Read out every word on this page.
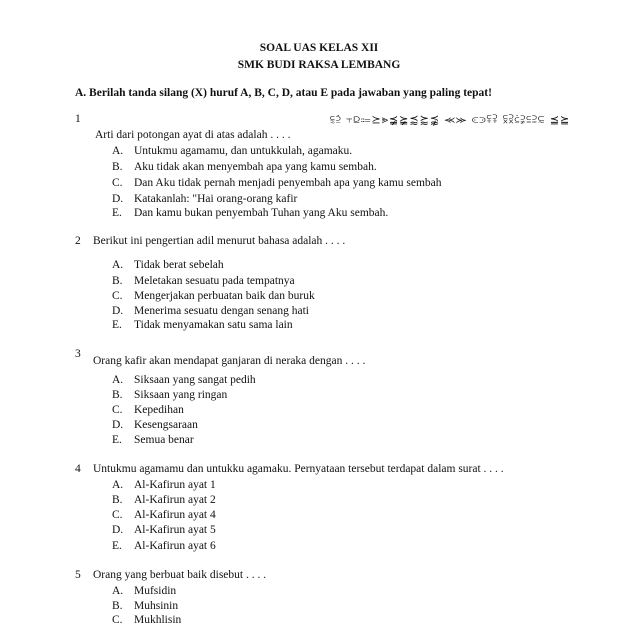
SOAL UAS KELAS XII
SMK BUDI RAKSA LEMBANG
A. Berilah tanda silang (X) huruf A, B, C, D, atau E pada jawaban yang paling tepat!
1	⫉⫄ ⫟⫒⩴⪰⪢⪵⪶⪷⪸⪹ ⪻⪼ ⪽⪾⪿⫀ ⫁⫂⫃⫌⫅⫆⫇ ⪳⪴
Arti dari potongan ayat di atas adalah . . . .
A. Untukmu agamamu, dan untukkulah, agamaku.
B. Aku tidak akan menyembah apa yang kamu sembah.
C. Dan Aku tidak pernah menjadi penyembah apa yang kamu sembah
D. Katakanlah: "Hai orang-orang kafir
E. Dan kamu bukan penyembah Tuhan yang Aku sembah.
2 Berikut ini pengertian adil menurut bahasa adalah . . . .
A. Tidak berat sebelah
B. Meletakan sesuatu pada tempatnya
C. Mengerjakan perbuatan baik dan buruk
D. Menerima sesuatu dengan senang hati
E. Tidak menyamakan satu sama lain
3
Orang kafir akan mendapat ganjaran di neraka dengan . . . .
A. Siksaan yang sangat pedih
B. Siksaan yang ringan
C. Kepedihan
D. Kesengsaraan
E. Semua benar
4 Untukmu agamamu dan untukku agamaku. Pernyataan tersebut terdapat dalam surat . . . .
A. Al-Kafirun ayat 1
B. Al-Kafirun ayat 2
C. Al-Kafirun ayat 4
D. Al-Kafirun ayat 5
E. Al-Kafirun ayat 6
5 Orang yang berbuat baik disebut . . . .
A. Mufsidin
B. Muhsinin
C. Mukhlisin
